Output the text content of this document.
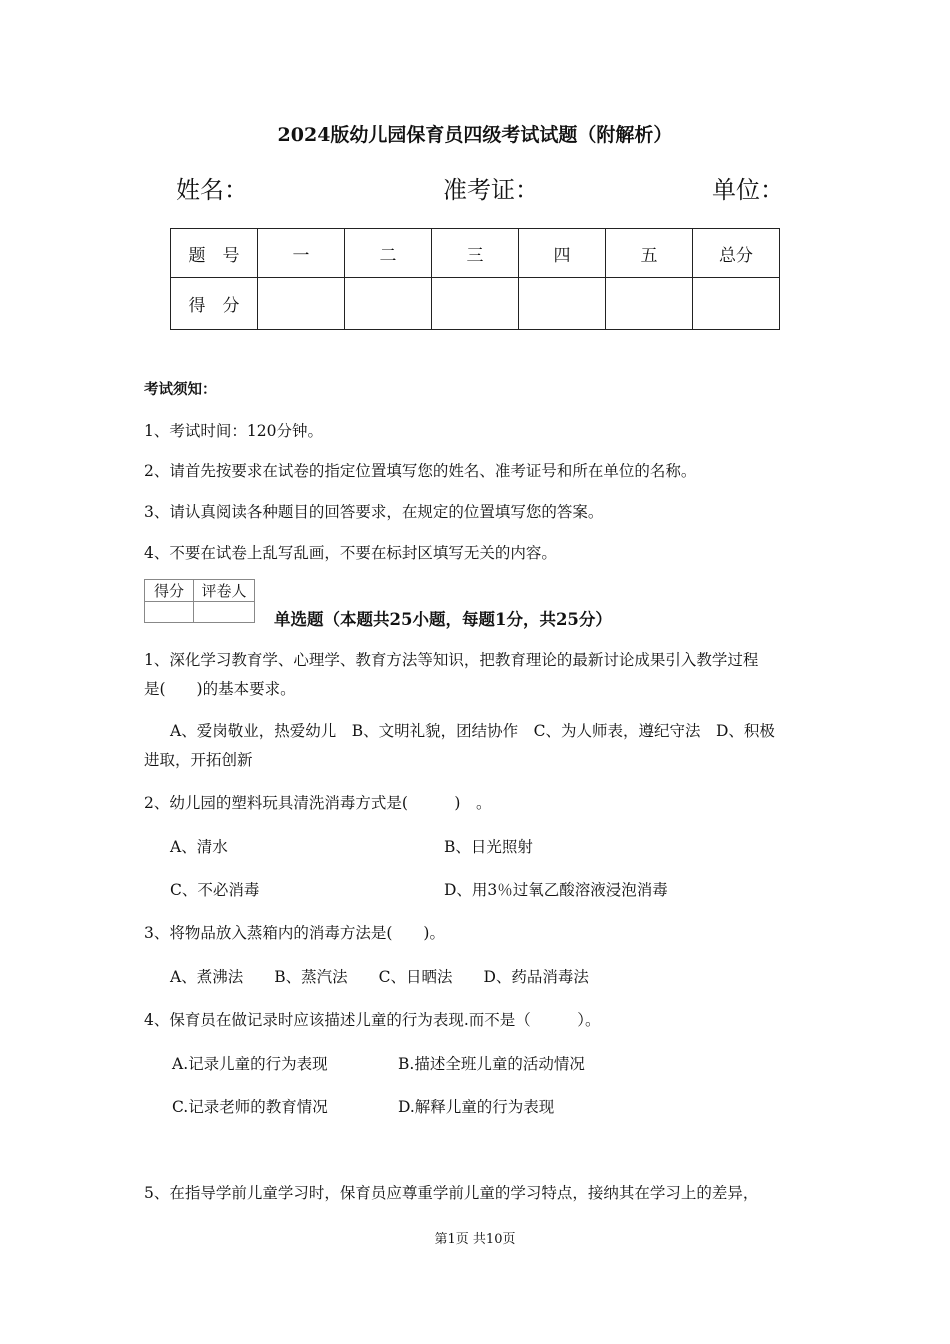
2024版幼儿园保育员四级考试试题（附解析）
姓名：	准考证：	单位：
题　号	一	二	三	四	五	总分
得　分						
考试须知：
1、考试时间：120分钟。
2、请首先按要求在试卷的指定位置填写您的姓名、准考证号和所在单位的名称。
3、请认真阅读各种题目的回答要求，在规定的位置填写您的答案。
4、不要在试卷上乱写乱画，不要在标封区填写无关的内容。
得分	评卷人

单选题（本题共25小题，每题1分，共25分）
1、深化学习教育学、心理学、教育方法等知识，把教育理论的最新讨论成果引入教学过程
是(　　)的基本要求。
A、爱岗敬业，热爱幼儿　B、文明礼貌，团结协作　C、为人师表，遵纪守法　D、积极
进取，开拓创新
2、幼儿园的塑料玩具清洗消毒方式是(　　　)　。
A、清水	B、日光照射
C、不必消毒	D、用3％过氧乙酸溶液浸泡消毒
3、将物品放入蒸箱内的消毒方法是(　　)。
A、煮沸法　　B、蒸汽法　　C、日晒法　　D、药品消毒法
4、保育员在做记录时应该描述儿童的行为表现.而不是（　　　）。
A.记录儿童的行为表现	B.描述全班儿童的活动情况
C.记录老师的教育情况	D.解释儿童的行为表现
5、在指导学前儿童学习时，保育员应尊重学前儿童的学习特点，接纳其在学习上的差异，
第1页 共10页
